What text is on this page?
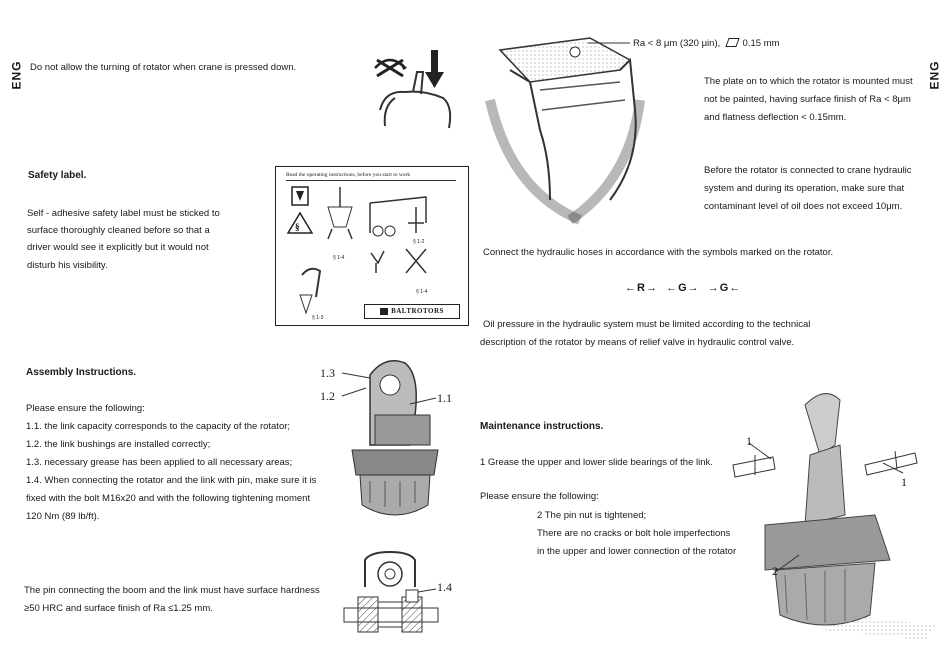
ENG	ENG
Do not allow the turning of rotator when crane is pressed down.
Safety label.
Self - adhesive safety label must be sticked to
surface thoroughly cleaned before so that a
driver would see it explicitly but it would not
disturb his visibility.
Read the operating instructions, before you start to work
§
§ 1-2
§ 1-4
§ 1-4
§ 1-3
BALTROTORS
Ra < 8 μm (320 μin), 0.15 mm
The plate on to which the rotator is mounted must
not be painted, having surface finish of Ra < 8μm
and flatness deflection < 0.15mm.
Before the rotator is connected to crane hydraulic
system and during its operation, make sure that
contaminant level of oil does not exceed 10μm.
Connect the hydraulic hoses in accordance with the symbols marked on the rotator.
←R→ ←G→ →G←
Oil pressure in the hydraulic system must be limited according to the technical
description of the rotator by means of relief valve in hydraulic control valve.
Assembly Instructions.
Please ensure the following:
1.1. the link capacity corresponds to the capacity of the rotator;
1.2. the link bushings are installed correctly;
1.3. necessary grease has been applied to all necessary areas;
1.4. When connecting the rotator and the link with pin, make sure it is
fixed with the bolt M16x20 and with the following tightening moment
120 Nm (89 lb/ft).
1.3
1.2	1.1
The pin connecting the boom and the link must have surface hardness
≥50 HRC and surface finish of Ra ≤1.25 mm.
1.4
Maintenance instructions.
1 Grease the upper and lower slide bearings of the link.
Please ensure the following:
2 The pin nut is tightened;
There are no cracks or bolt hole imperfections
in the upper and lower connection of the rotator
1
1
2
